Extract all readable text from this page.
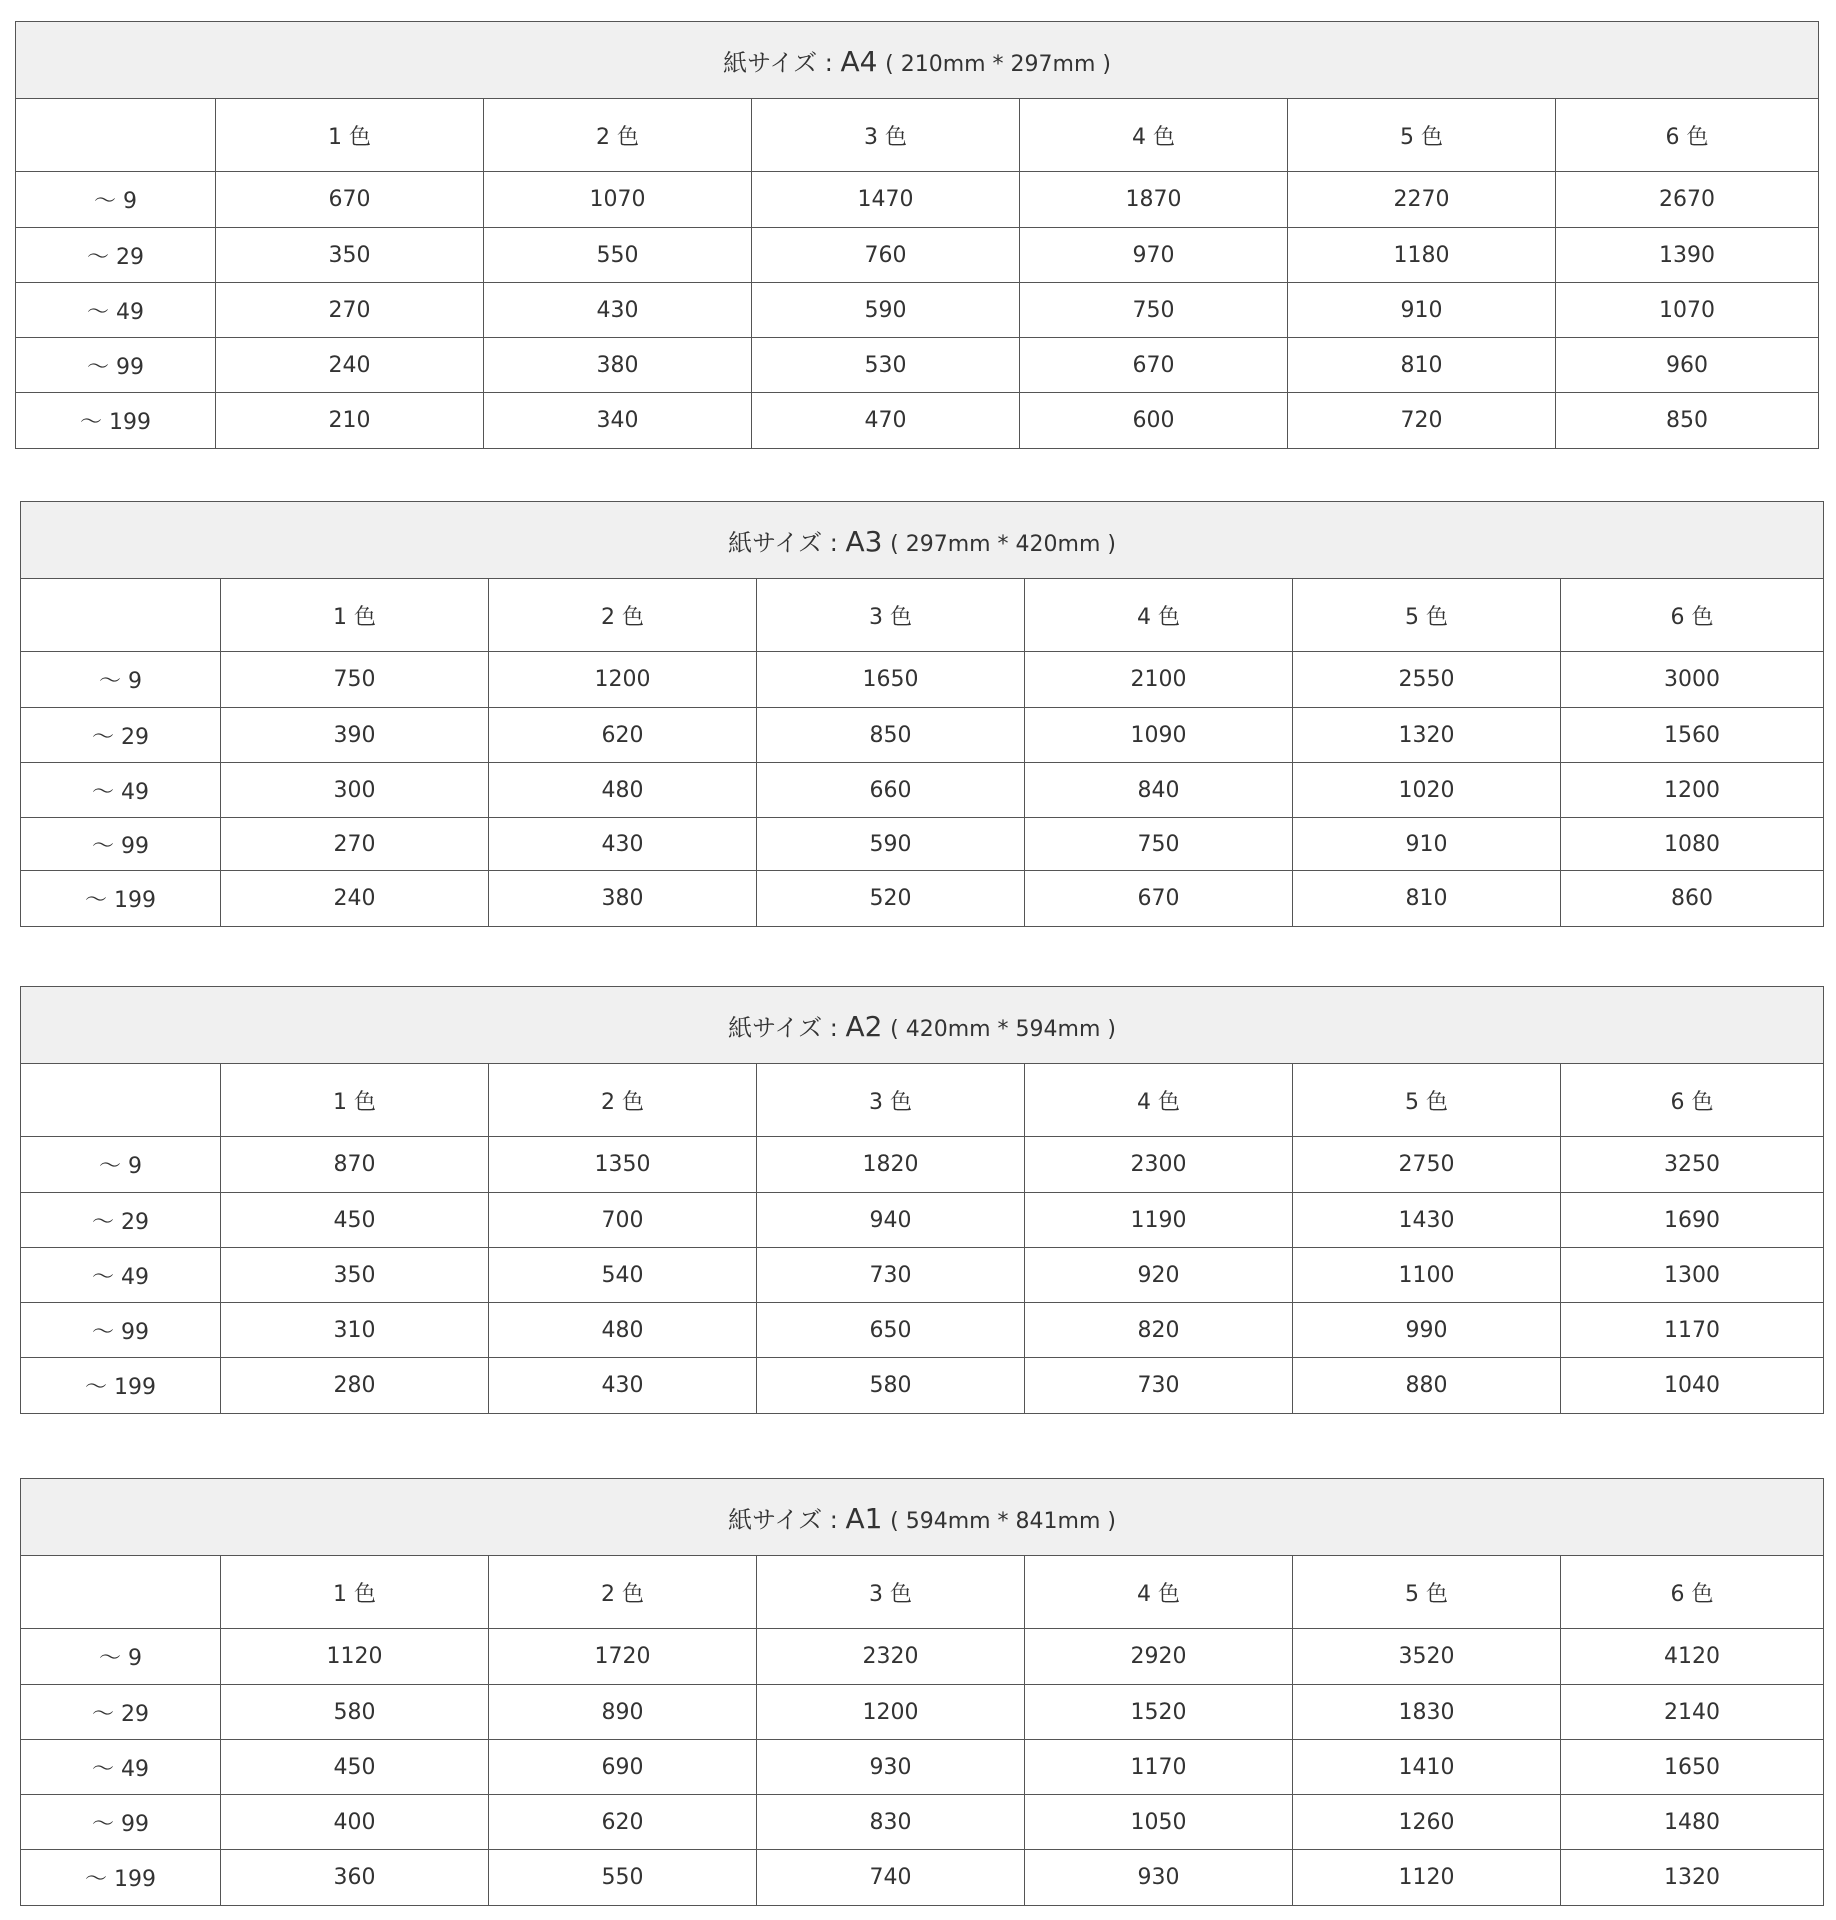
紙サイズ : A4 ( 210mm * 297mm )						
	1 色	2 色	3 色	4 色	5 色	6 色
〜 9	670	1070	1470	1870	2270	2670
〜 29	350	550	760	970	1180	1390
〜 49	270	430	590	750	910	1070
〜 99	240	380	530	670	810	960
〜 199	210	340	470	600	720	850
紙サイズ : A3 ( 297mm * 420mm )						
	1 色	2 色	3 色	4 色	5 色	6 色
〜 9	750	1200	1650	2100	2550	3000
〜 29	390	620	850	1090	1320	1560
〜 49	300	480	660	840	1020	1200
〜 99	270	430	590	750	910	1080
〜 199	240	380	520	670	810	860
紙サイズ : A2 ( 420mm * 594mm )						
	1 色	2 色	3 色	4 色	5 色	6 色
〜 9	870	1350	1820	2300	2750	3250
〜 29	450	700	940	1190	1430	1690
〜 49	350	540	730	920	1100	1300
〜 99	310	480	650	820	990	1170
〜 199	280	430	580	730	880	1040
紙サイズ : A1 ( 594mm * 841mm )						
	1 色	2 色	3 色	4 色	5 色	6 色
〜 9	1120	1720	2320	2920	3520	4120
〜 29	580	890	1200	1520	1830	2140
〜 49	450	690	930	1170	1410	1650
〜 99	400	620	830	1050	1260	1480
〜 199	360	550	740	930	1120	1320
